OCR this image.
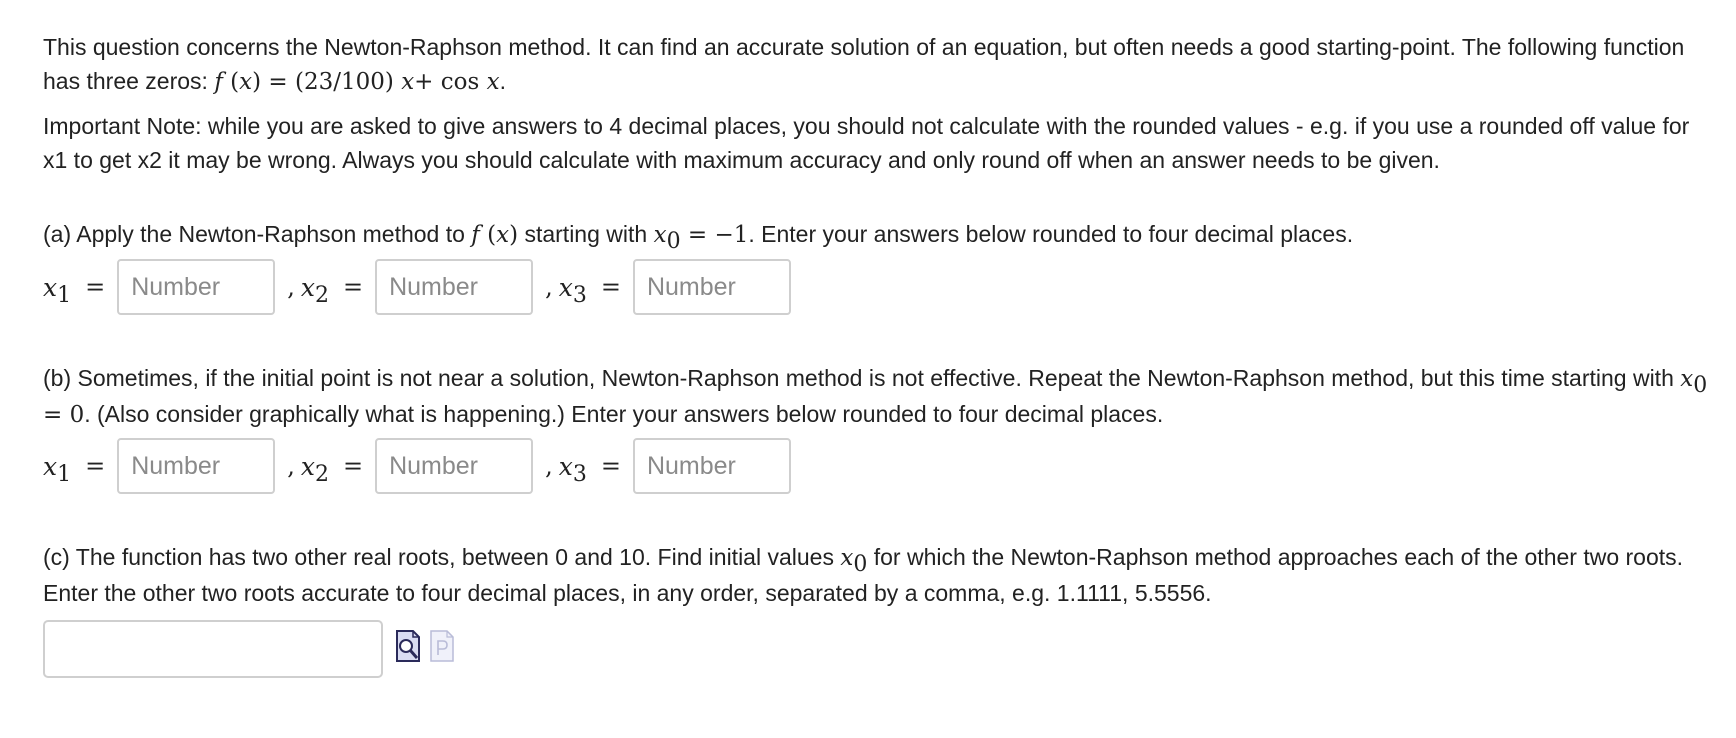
This question concerns the Newton-Raphson method. It can find an accurate solution of an equation, but often needs a good starting-point. The following function has three zeros: f (x) = (23/100) x+ cos x.

Important Note: while you are asked to give answers to 4 decimal places, you should not calculate with the rounded values - e.g. if you use a rounded off value for x1 to get x2 it may be wrong. Always you should calculate with maximum accuracy and only round off when an answer needs to be given.

(a) Apply the Newton-Raphson method to f (x) starting with x0 = −1. Enter your answers below rounded to four decimal places.

x1 =
Number	, x2 =
Number	, x3 =
Number

(b) Sometimes, if the initial point is not near a solution, Newton-Raphson method is not effective. Repeat the Newton-Raphson method, but this time starting with x0 = 0. (Also consider graphically what is happening.) Enter your answers below rounded to four decimal places.

x1 =
Number	, x2 =
Number	, x3 =
Number

(c) The function has two other real roots, between 0 and 10. Find initial values x0 for which the Newton-Raphson method approaches each of the other two roots. Enter the other two roots accurate to four decimal places, in any order, separated by a comma, e.g. 1.1111, 5.5556.
